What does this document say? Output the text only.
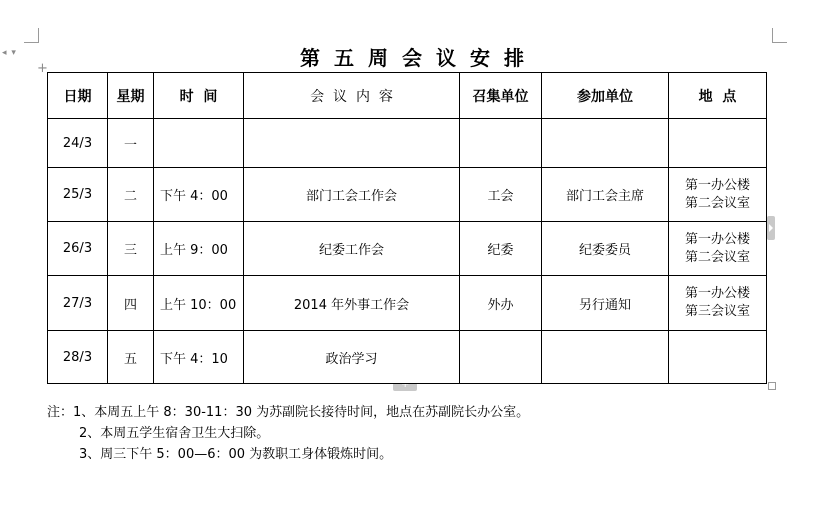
◂ ▾
+
+	第五周会议安排
日期	星期	时  间	会  议  内  容	召集单位	参加单位	地  点
24/3	一					

25/3	二	下午 4：00	部门工会工作会	工会	部门工会主席	第一办公楼
第二会议室

26/3	三	上午 9：00	纪委工作会	纪委	纪委委员	第一办公楼
第二会议室

27/3	四	上午 10：00	2014 年外事工作会	外办	另行通知	第一办公楼
第三会议室

28/3	五	下午 4：10	政治学习			
注：1、本周五上午 8：30-11：30 为苏副院长接待时间，地点在苏副院长办公室。
2、本周五学生宿舍卫生大扫除。
3、周三下午 5：00—6：00 为教职工身体锻炼时间。
